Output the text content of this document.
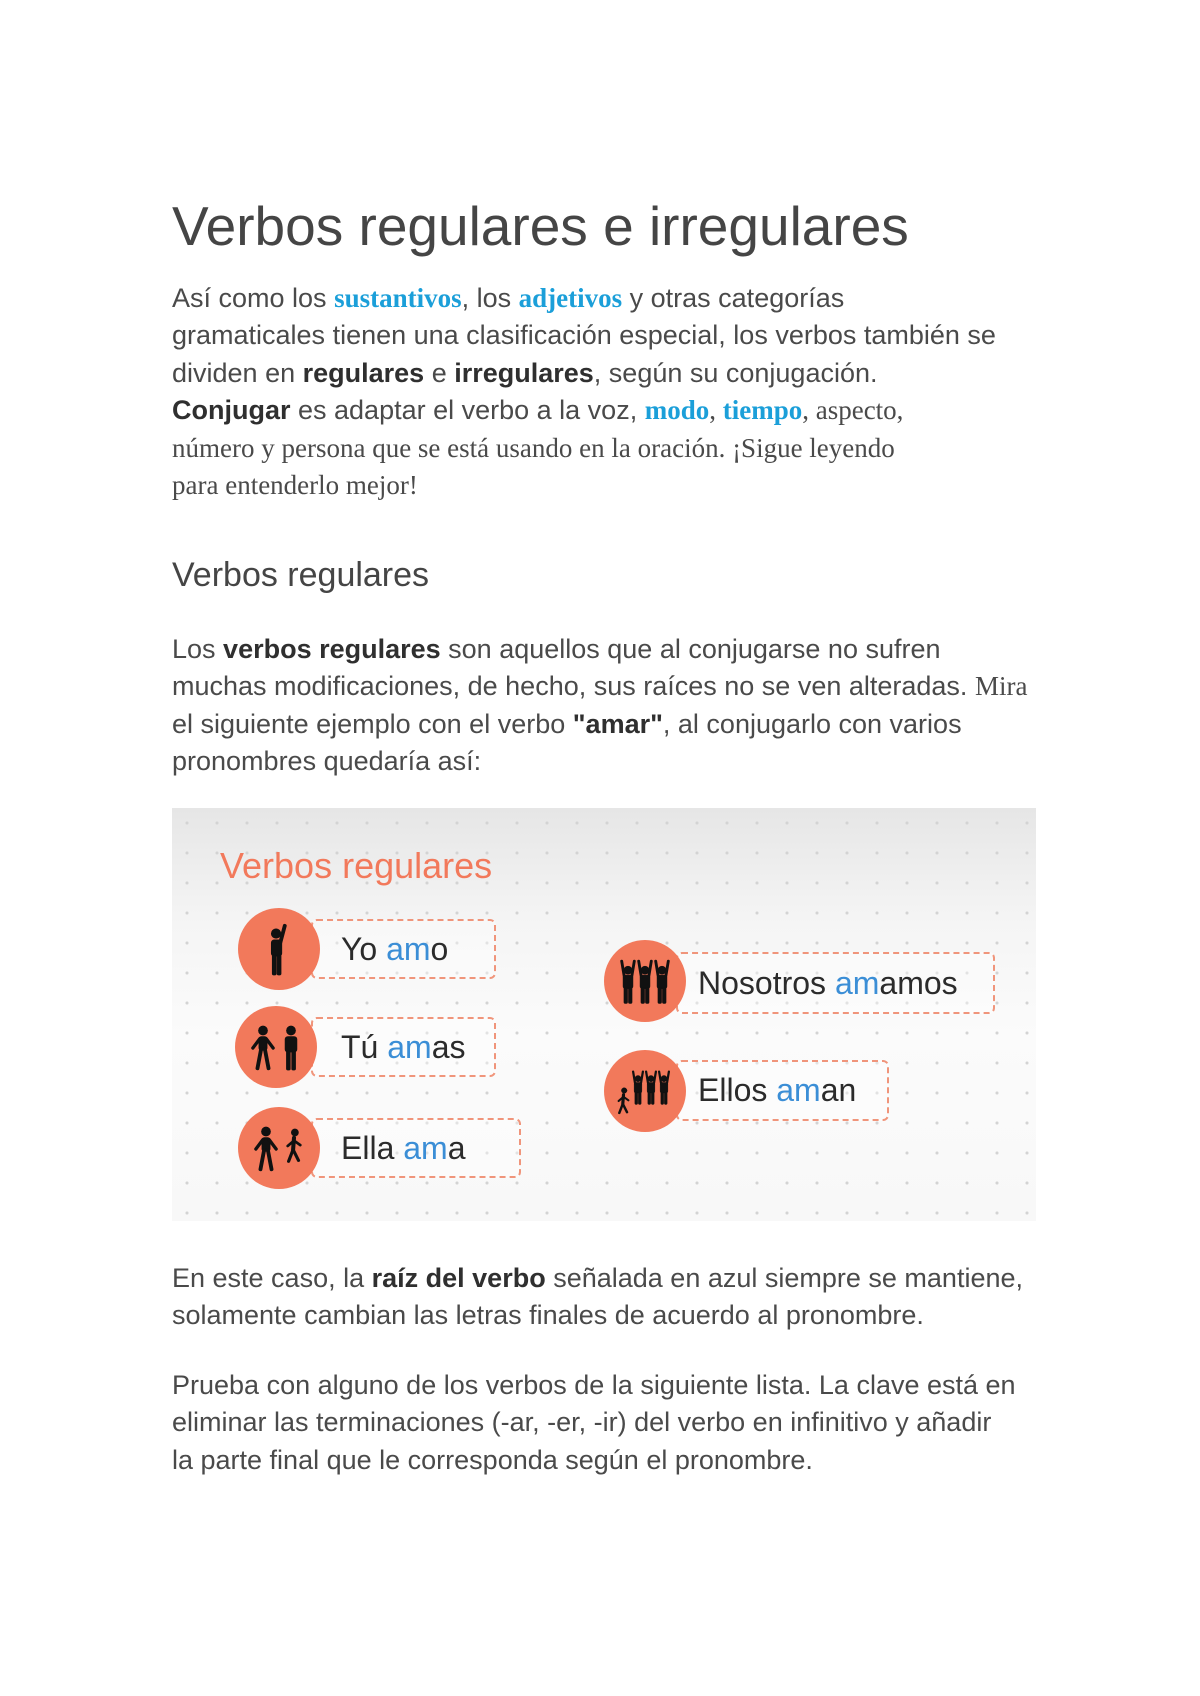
Verbos regulares e irregulares
Así como los sustantivos, los adjetivos y otras categorías
gramaticales tienen una clasificación especial, los verbos también se
dividen en regulares e irregulares, según su conjugación.
Conjugar es adaptar el verbo a la voz, modo, tiempo, aspecto,
número y persona que se está usando en la oración. ¡Sigue leyendo
para entenderlo mejor!
Verbos regulares
Los verbos regulares son aquellos que al conjugarse no sufren
muchas modificaciones, de hecho, sus raíces no se ven alteradas. Mira
el siguiente ejemplo con el verbo "amar", al conjugarlo con varios
pronombres quedaría así:
Verbos regulares
Yo
am o
Tú
am as
Ella
am a
Nosotros
am amos
Ellos
am an
En este caso, la raíz del verbo señalada en azul siempre se mantiene,
solamente cambian las letras finales de acuerdo al pronombre.
Prueba con alguno de los verbos de la siguiente lista. La clave está en
eliminar las terminaciones (-ar, -er, -ir) del verbo en infinitivo y añadir
la parte final que le corresponda según el pronombre.
